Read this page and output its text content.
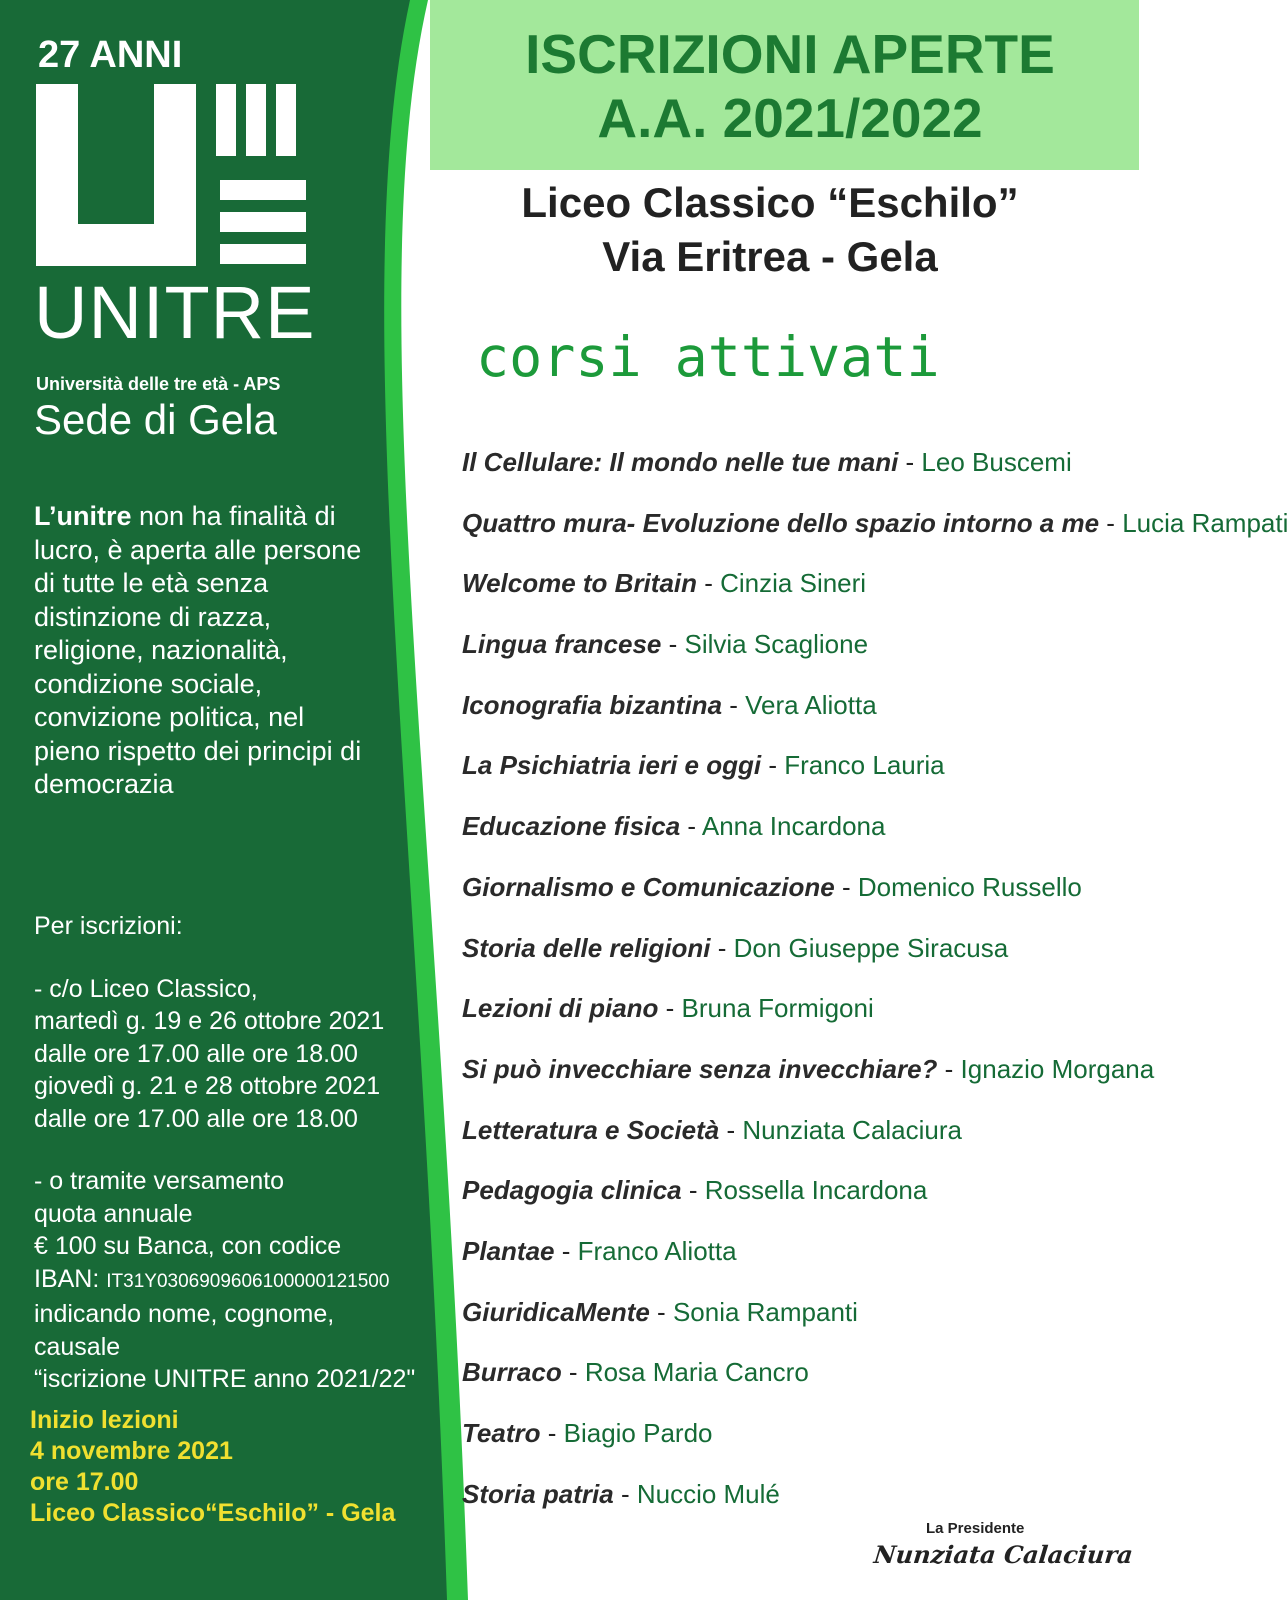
27 ANNI
UNITRE
Università delle tre età - APS
Sede di Gela
L’unitre non ha finalità di lucro, è aperta alle persone di tutte le età senza distinzione di razza, religione, nazionalità, condizione sociale, convizione politica, nel pieno rispetto dei principi di democrazia
Per iscrizioni:
- c/o Liceo Classico,
martedì g. 19 e 26 ottobre 2021
dalle ore 17.00 alle ore 18.00
giovedì g. 21 e 28 ottobre 2021
dalle ore 17.00 alle ore 18.00
- o tramite versamento
quota annuale
€ 100 su Banca, con codice
IBAN: IT31Y0306909606100000121500
indicando nome, cognome, causale
“iscrizione UNITRE anno 2021/22"
Inizio lezioni
4 novembre 2021
ore 17.00
Liceo Classico“Eschilo” - Gela
ISCRIZIONI APERTE
A.A. 2021/2022
Liceo Classico “Eschilo”
Via Eritrea - Gela
corsi attivati
Il Cellulare: Il mondo nelle tue mani - Leo Buscemi
Quattro mura- Evoluzione dello spazio intorno a me - Lucia Rampati
Welcome to Britain - Cinzia Sineri
Lingua francese - Silvia Scaglione
Iconografia bizantina - Vera Aliotta
La Psichiatria ieri e oggi - Franco Lauria
Educazione fisica - Anna Incardona
Giornalismo e Comunicazione - Domenico Russello
Storia delle religioni - Don Giuseppe Siracusa
Lezioni di piano - Bruna Formigoni
Si può invecchiare senza invecchiare? - Ignazio Morgana
Letteratura e Società - Nunziata Calaciura
Pedagogia clinica - Rossella Incardona
Plantae - Franco Aliotta
GiuridicaMente - Sonia Rampanti
Burraco - Rosa Maria Cancro
Teatro - Biagio Pardo
Storia patria - Nuccio Mulé
La Presidente
Nunziata Calaciura
